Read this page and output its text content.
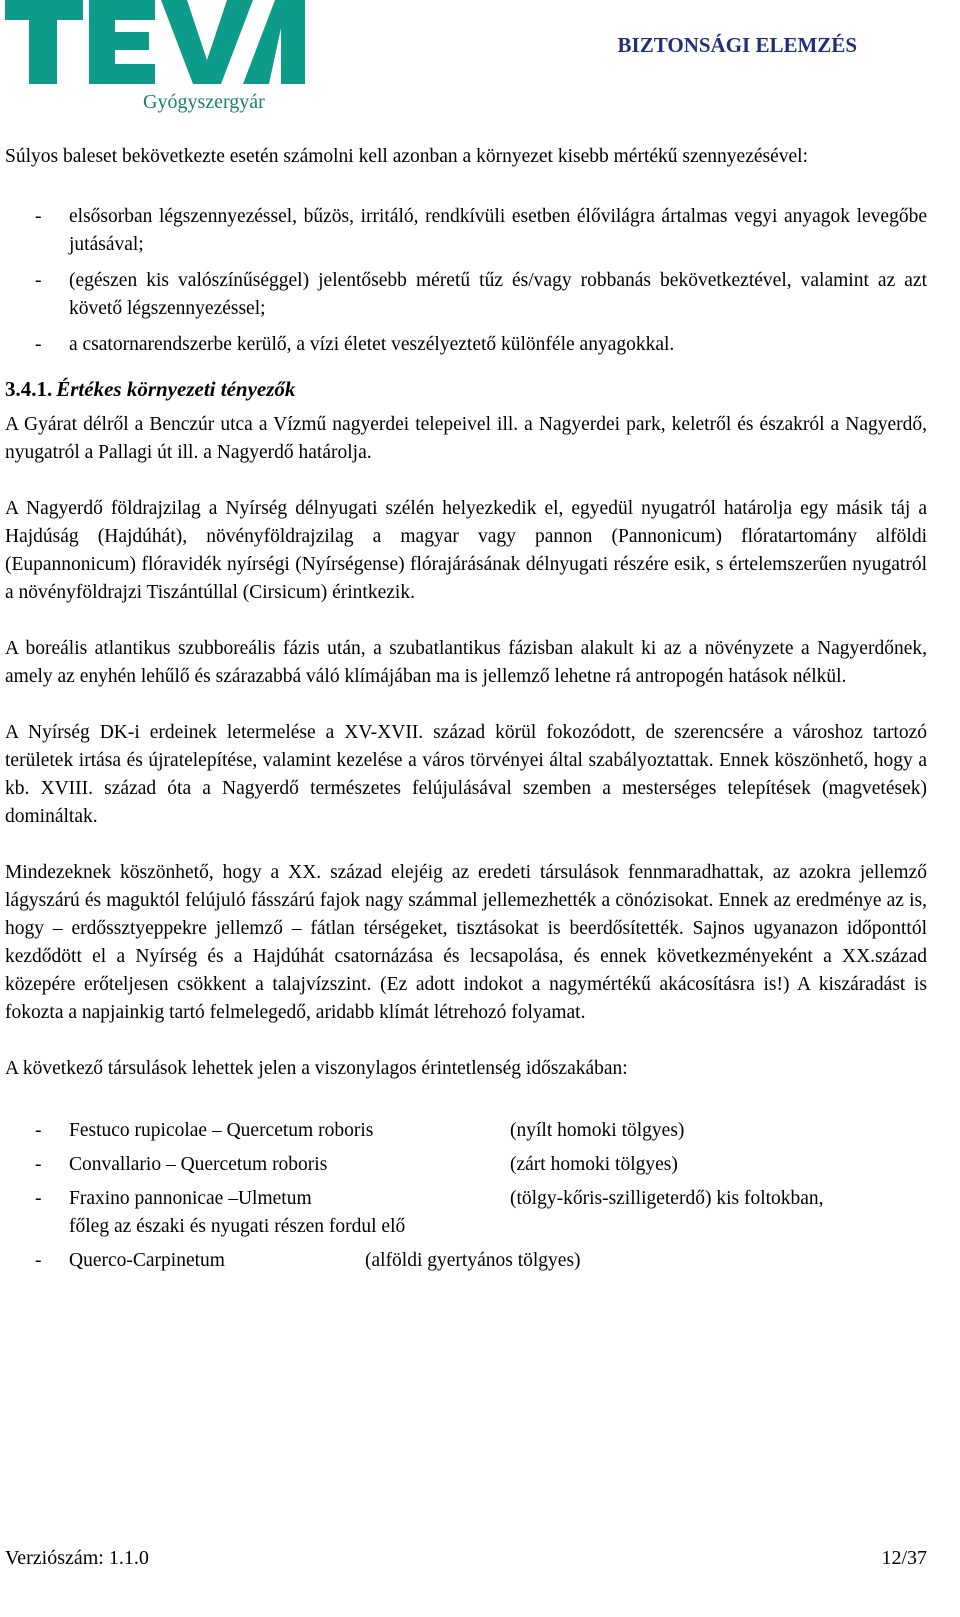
Gyógyszergyár
BIZTONSÁGI ELEMZÉS

Súlyos baleset bekövetkezte esetén számolni kell azonban a környezet kisebb mértékű szennyezésével:

-	elsősorban légszennyezéssel, bűzös, irritáló, rendkívüli esetben élővilágra ártalmas vegyi anyagok levegőbe jutásával;
-	(egészen kis valószínűséggel) jelentősebb méretű tűz és/vagy robbanás bekövetkeztével, valamint az azt követő légszennyezéssel;
-	a csatornarendszerbe kerülő, a vízi életet veszélyeztető különféle anyagokkal.
3.4.1. Értékes környezeti tényezők

A Gyárat délről a Benczúr utca a Vízmű nagyerdei telepeivel ill. a Nagyerdei park, keletről és északról a Nagyerdő, nyugatról a Pallagi út ill. a Nagyerdő határolja.

A Nagyerdő földrajzilag a Nyírség délnyugati szélén helyezkedik el, egyedül nyugatról határolja egy másik táj a Hajdúság (Hajdúhát), növényföldrajzilag a magyar vagy pannon (Pannonicum) flóratartomány alföldi (Eupannonicum) flóravidék nyírségi (Nyírségense) flórajárásának délnyugati részére esik, s értelemszerűen nyugatról a növényföldrajzi Tiszántúllal (Cirsicum) érintkezik.

A boreális atlantikus szubboreális fázis után, a szubatlantikus fázisban alakult ki az a növényzete a Nagyerdőnek, amely az enyhén lehűlő és szárazabbá váló klímájában ma is jellemző lehetne rá antropogén hatások nélkül.

A Nyírség DK-i erdeinek letermelése a XV-XVII. század körül fokozódott, de szerencsére a városhoz tartozó területek irtása és újratelepítése, valamint kezelése a város törvényei által szabályoztattak. Ennek köszönhető, hogy a kb. XVIII. század óta a Nagyerdő természetes felújulásával szemben a mesterséges telepítések (magvetések) domináltak.

Mindezeknek köszönhető, hogy a XX. század elejéig az eredeti társulások fennmaradhattak, az azokra jellemző lágyszárú és maguktól felújuló fásszárú fajok nagy számmal jellemezhették a cönózisokat. Ennek az eredménye az is, hogy – erdőssztyeppekre jellemző – fátlan térségeket, tisztásokat is beerdősítették. Sajnos ugyanazon időponttól kezdődött el a Nyírség és a Hajdúhát csatornázása és lecsapolása, és ennek következményeként a XX.század közepére erőteljesen csökkent a talajvízszint. (Ez adott indokot a nagymértékű akácosításra is!) A kiszáradást is fokozta a napjainkig tartó felmelegedő, aridabb klímát létrehozó folyamat.

A következő társulások lehettek jelen a viszonylagos érintetlenség időszakában:

-	Festuco rupicolae – Quercetum roboris	(nyílt homoki tölgyes)
-	Convallario – Quercetum roboris	(zárt homoki tölgyes)
-	Fraxino pannonicae –Ulmetum	(tölgy-kőris-szilligeterdő) kis foltokban,
főleg az északi és nyugati részen fordul elő
-	Querco-Carpinetum	(alföldi gyertyános tölgyes)
Verziószám: 1.1.0	12/37
